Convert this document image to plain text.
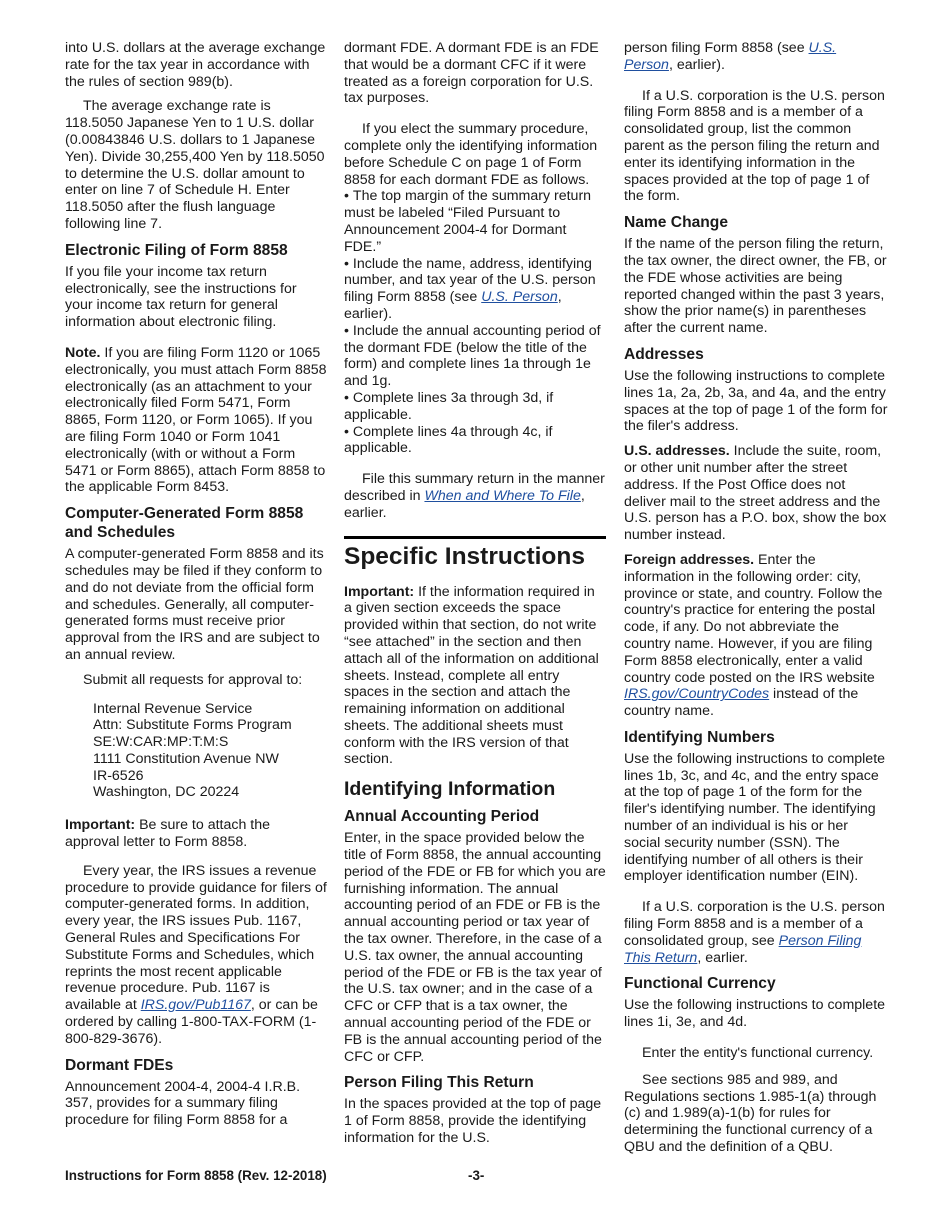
into U.S. dollars at the average exchange rate for the tax year in accordance with the rules of section 989(b).

The average exchange rate is 118.5050 Japanese Yen to 1 U.S. dollar (0.00843846 U.S. dollars to 1 Japanese Yen). Divide 30,255,400 Yen by 118.5050 to determine the U.S. dollar amount to enter on line 7 of Schedule H. Enter 118.5050 after the flush language following line 7.

Electronic Filing of Form 8858

If you file your income tax return electronically, see the instructions for your income tax return for general information about electronic filing.

Note. If you are filing Form 1120 or 1065 electronically, you must attach Form 8858 electronically (as an attachment to your electronically filed Form 5471, Form 8865, Form 1120, or Form 1065). If you are filing Form 1040 or Form 1041 electronically (with or without a Form 5471 or Form 8865), attach Form 8858 to the applicable Form 8453.

Computer-Generated Form 8858 and Schedules

A computer-generated Form 8858 and its schedules may be filed if they conform to and do not deviate from the official form and schedules. Generally, all computer-generated forms must receive prior approval from the IRS and are subject to an annual review.

Submit all requests for approval to:

Internal Revenue Service
Attn: Substitute Forms Program
SE:W:CAR:MP:T:M:S
1111 Constitution Avenue NW
IR-6526
Washington, DC 20224

Important: Be sure to attach the approval letter to Form 8858.

Every year, the IRS issues a revenue procedure to provide guidance for filers of computer-generated forms. In addition, every year, the IRS issues Pub. 1167, General Rules and Specifications For Substitute Forms and Schedules, which reprints the most recent applicable revenue procedure. Pub. 1167 is available at IRS.gov/Pub1167, or can be ordered by calling 1-800-TAX-FORM (1-800-829-3676).

Dormant FDEs

Announcement 2004-4, 2004-4 I.R.B. 357, provides for a summary filing procedure for filing Form 8858 for a

dormant FDE. A dormant FDE is an FDE that would be a dormant CFC if it were treated as a foreign corporation for U.S. tax purposes.

If you elect the summary procedure, complete only the identifying information before Schedule C on page 1 of Form 8858 for each dormant FDE as follows.

• The top margin of the summary return must be labeled “Filed Pursuant to Announcement 2004-4 for Dormant FDE.”

• Include the name, address, identifying number, and tax year of the U.S. person filing Form 8858 (see U.S. Person, earlier).

• Include the annual accounting period of the dormant FDE (below the title of the form) and complete lines 1a through 1e and 1g.

• Complete lines 3a through 3d, if applicable.

• Complete lines 4a through 4c, if applicable.

File this summary return in the manner described in When and Where To File, earlier.

Specific Instructions

Important: If the information required in a given section exceeds the space provided within that section, do not write “see attached” in the section and then attach all of the information on additional sheets. Instead, complete all entry spaces in the section and attach the remaining information on additional sheets. The additional sheets must conform with the IRS version of that section.

Identifying Information
Annual Accounting Period

Enter, in the space provided below the title of Form 8858, the annual accounting period of the FDE or FB for which you are furnishing information. The annual accounting period of an FDE or FB is the annual accounting period or tax year of the tax owner. Therefore, in the case of a U.S. tax owner, the annual accounting period of the FDE or FB is the tax year of the U.S. tax owner; and in the case of a CFC or CFP that is a tax owner, the annual accounting period of the FDE or FB is the annual accounting period of the CFC or CFP.

Person Filing This Return

In the spaces provided at the top of page 1 of Form 8858, provide the identifying information for the U.S.

person filing Form 8858 (see U.S. Person, earlier).

If a U.S. corporation is the U.S. person filing Form 8858 and is a member of a consolidated group, list the common parent as the person filing the return and enter its identifying information in the spaces provided at the top of page 1 of the form.

Name Change

If the name of the person filing the return, the tax owner, the direct owner, the FB, or the FDE whose activities are being reported changed within the past 3 years, show the prior name(s) in parentheses after the current name.

Addresses

Use the following instructions to complete lines 1a, 2a, 2b, 3a, and 4a, and the entry spaces at the top of page 1 of the form for the filer's address.

U.S. addresses. Include the suite, room, or other unit number after the street address. If the Post Office does not deliver mail to the street address and the U.S. person has a P.O. box, show the box number instead.

Foreign addresses. Enter the information in the following order: city, province or state, and country. Follow the country's practice for entering the postal code, if any. Do not abbreviate the country name. However, if you are filing Form 8858 electronically, enter a valid country code posted on the IRS website IRS.gov/CountryCodes instead of the country name.

Identifying Numbers

Use the following instructions to complete lines 1b, 3c, and 4c, and the entry space at the top of page 1 of the form for the filer's identifying number. The identifying number of an individual is his or her social security number (SSN). The identifying number of all others is their employer identification number (EIN).

If a U.S. corporation is the U.S. person filing Form 8858 and is a member of a consolidated group, see Person Filing This Return, earlier.

Functional Currency

Use the following instructions to complete lines 1i, 3e, and 4d.

Enter the entity's functional currency.

See sections 985 and 989, and Regulations sections 1.985-1(a) through (c) and 1.989(a)-1(b) for rules for determining the functional currency of a QBU and the definition of a QBU.

Instructions for Form 8858 (Rev. 12-2018)	-3-
